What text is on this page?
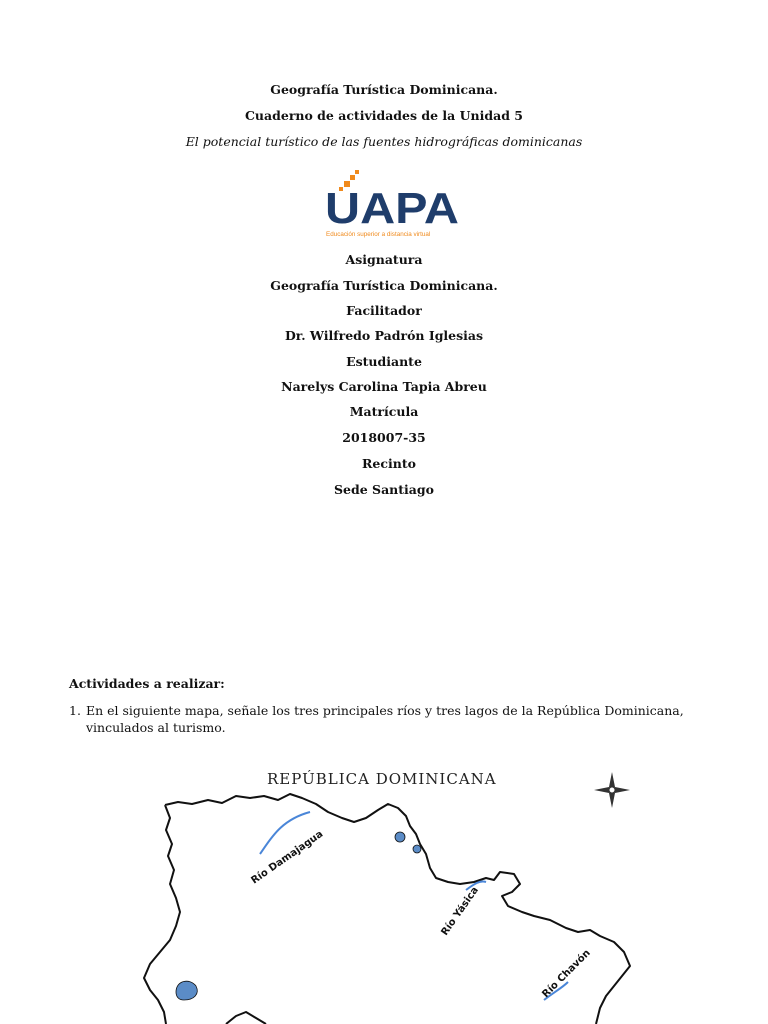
Geografía Turística Dominicana.
Cuaderno de actividades de la Unidad 5
El potencial turístico de las fuentes hidrográficas dominicanas
UAPA
Educación superior a distancia virtual
Asignatura
Geografía Turística Dominicana.
Facilitador
Dr. Wilfredo Padrón Iglesias
Estudiante
Narelys Carolina Tapia Abreu
Matrícula
2018007-35
Recinto
Sede Santiago
Actividades a realizar:
1. En el siguiente mapa, señale los tres principales ríos y tres lagos de la República Dominicana, vinculados al turismo.
REPÚBLICA DOMINICANA
Río Damajagua
Río Yásica
Río Chavón
